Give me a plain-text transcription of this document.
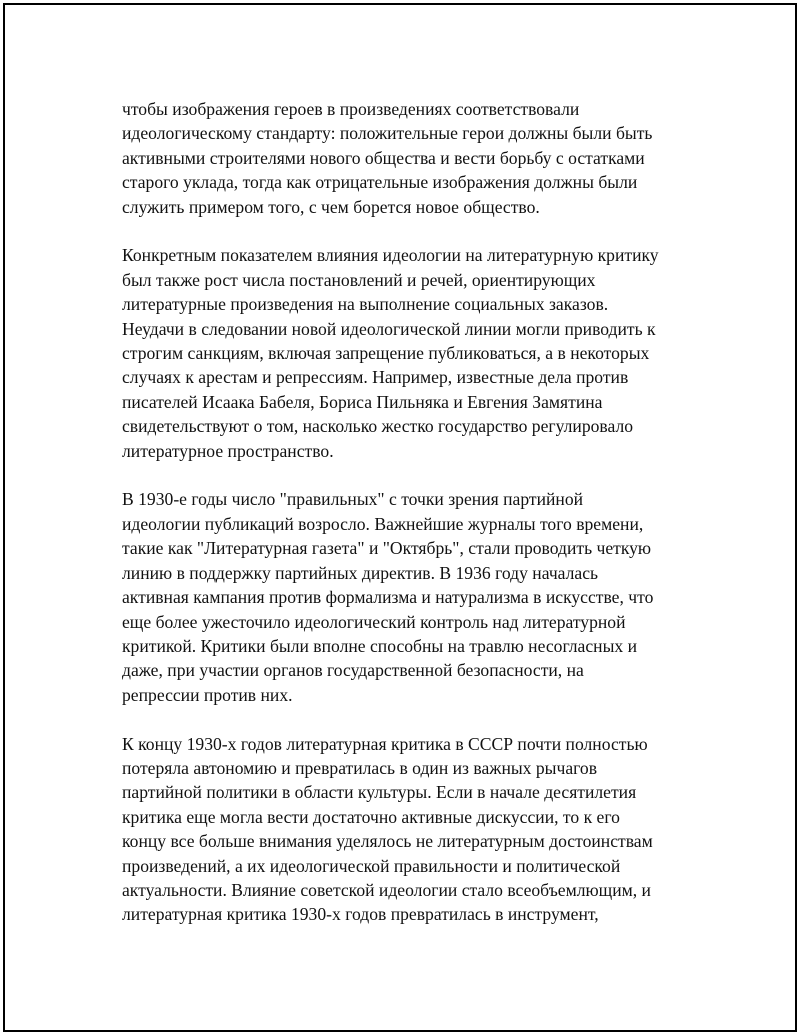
чтобы изображения героев в произведениях соответствовали
идеологическому стандарту: положительные герои должны были быть
активными строителями нового общества и вести борьбу с остатками
старого уклада, тогда как отрицательные изображения должны были
служить примером того, с чем борется новое общество.

Конкретным показателем влияния идеологии на литературную критику
был также рост числа постановлений и речей, ориентирующих
литературные произведения на выполнение социальных заказов.
Неудачи в следовании новой идеологической линии могли приводить к
строгим санкциям, включая запрещение публиковаться, а в некоторых
случаях к арестам и репрессиям. Например, известные дела против
писателей Исаака Бабеля, Бориса Пильняка и Евгения Замятина
свидетельствуют о том, насколько жестко государство регулировало
литературное пространство.

В 1930-е годы число "правильных" с точки зрения партийной
идеологии публикаций возросло. Важнейшие журналы того времени,
такие как "Литературная газета" и "Октябрь", стали проводить четкую
линию в поддержку партийных директив. В 1936 году началась
активная кампания против формализма и натурализма в искусстве, что
еще более ужесточило идеологический контроль над литературной
критикой. Критики были вполне способны на травлю несогласных и
даже, при участии органов государственной безопасности, на
репрессии против них.

К концу 1930-х годов литературная критика в СССР почти полностью
потеряла автономию и превратилась в один из важных рычагов
партийной политики в области культуры. Если в начале десятилетия
критика еще могла вести достаточно активные дискуссии, то к его
концу все больше внимания уделялось не литературным достоинствам
произведений, а их идеологической правильности и политической
актуальности. Влияние советской идеологии стало всеобъемлющим, и
литературная критика 1930-х годов превратилась в инструмент,
